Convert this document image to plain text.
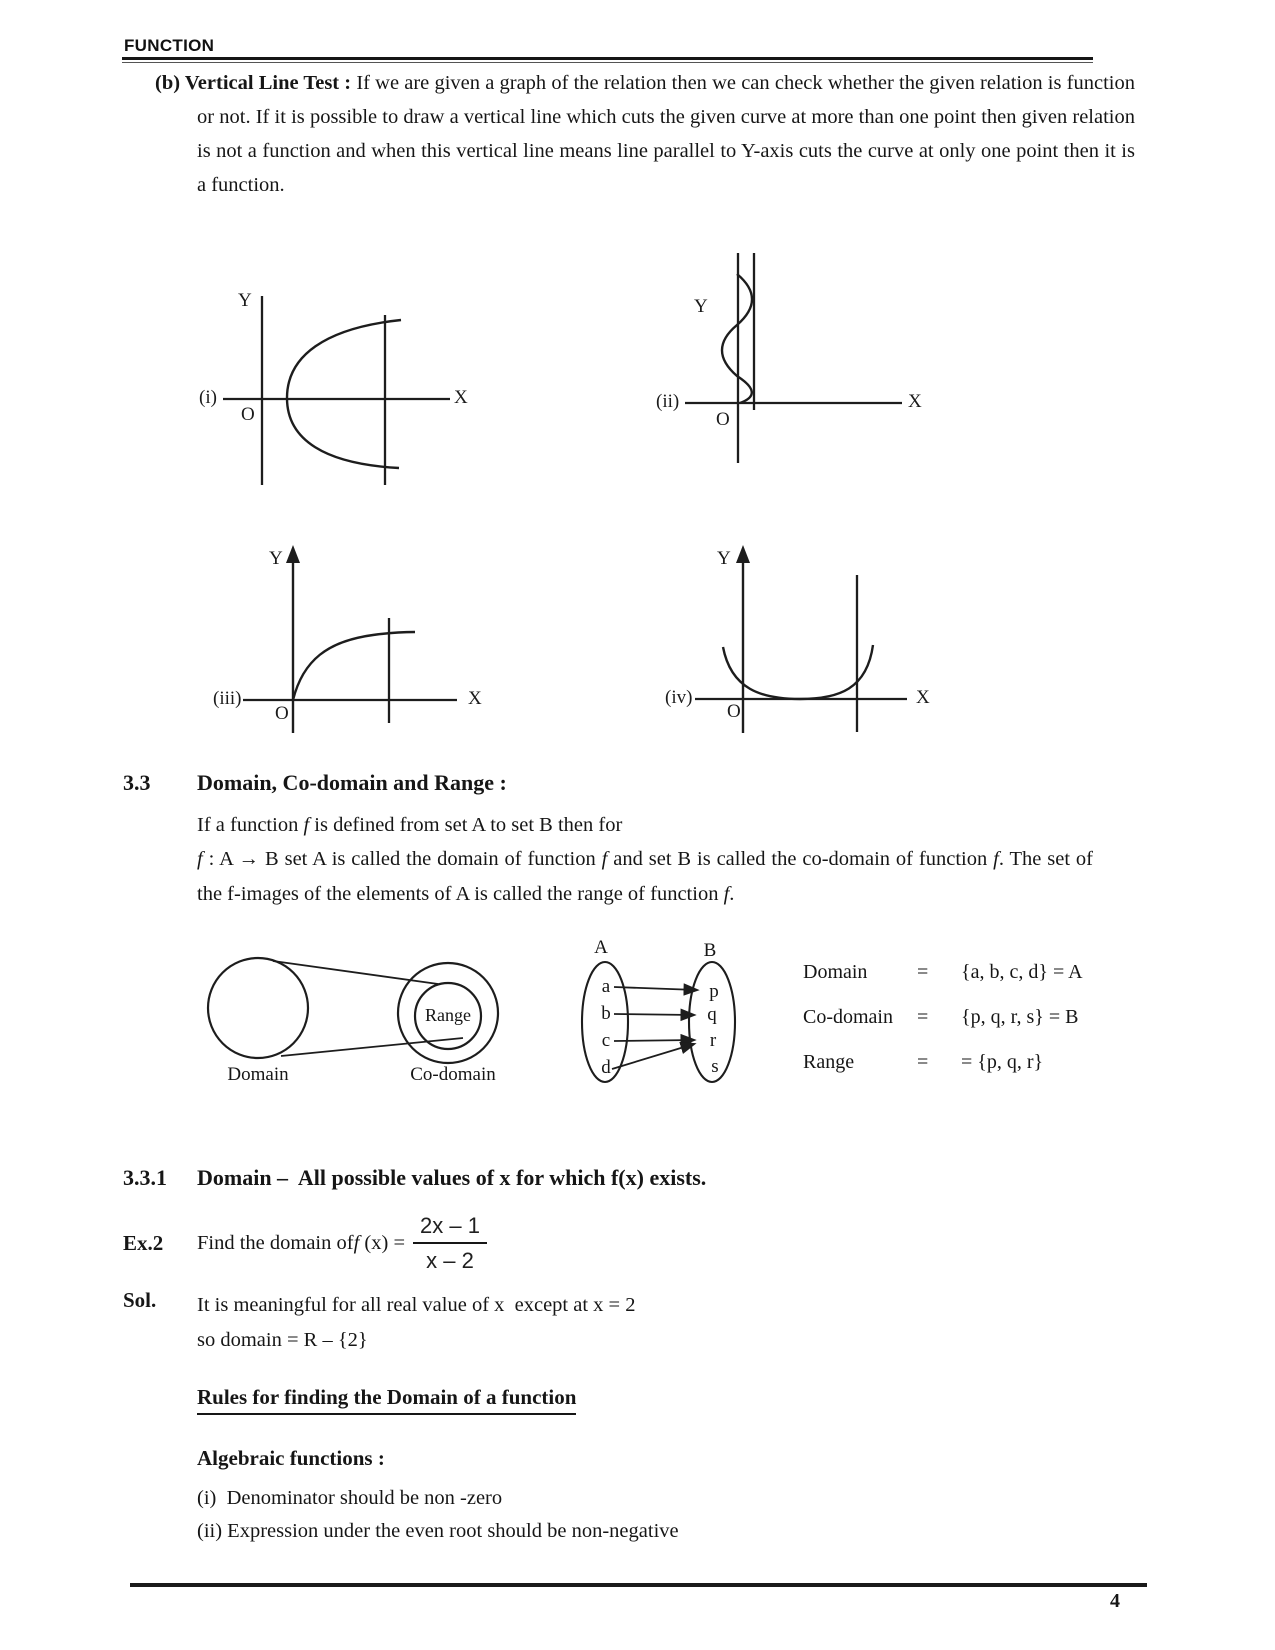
FUNCTION
(b) Vertical Line Test : If we are given a graph of the relation then we can check whether the given relation is function or not. If it is possible to draw a vertical line which cuts the given curve at more than one point then given relation is not a function and when this vertical line means line parallel to Y-axis cuts the curve at only one point then it is a function.
Y
O
X
(i)
Y
O
X
(ii)
Y
O
X
(iii)
Y
O
X
(iv)
3.3 Domain, Co-domain and Range :
If a function f is defined from set A to set B then for
f : A → B set A is called the domain of function f and set B is called the co-domain of function f. The set of the f-images of the elements of A is called the range of function f.
Range
Domain	Co-domain
A	B
a
b
c
d
p
q
r
s
Domain	=	{a, b, c, d} = A
Co-domain	=	{p, q, r, s} = B
Range	=	= {p, q, r}
3.3.1 Domain –  All possible values of x for which f(x) exists.
Ex.2 Find the domain of f $(x) = \frac{2x - 1}{x - 2}$
Sol. It is meaningful for all real value of x  except at x = 2
so domain = R – {2}
Rules for finding the Domain of a function
Algebraic functions :
(i)  Denominator should be non -zero
(ii) Expression under the even root should be non-negative
4
